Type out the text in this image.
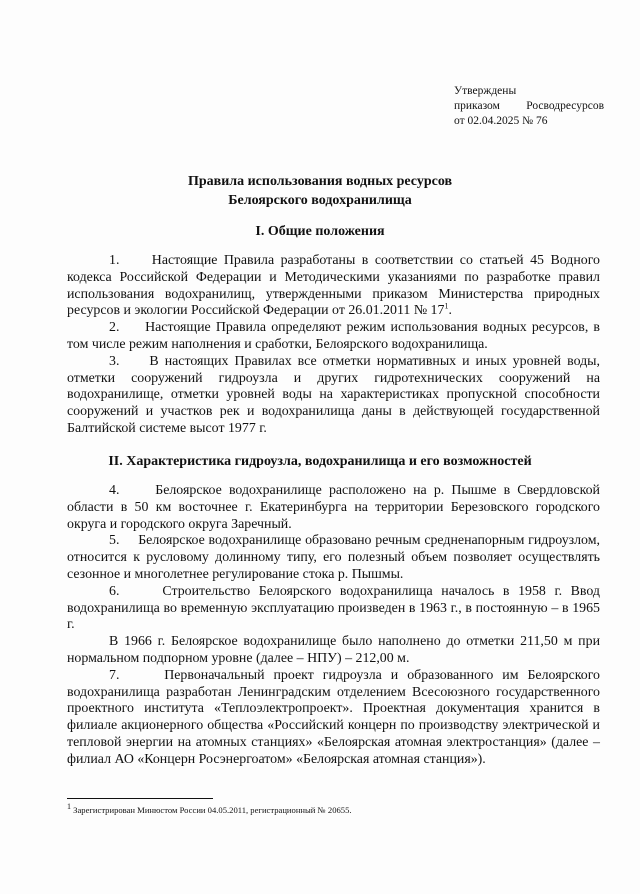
Утверждены
приказом Росводресурсов
от 02.04.2025 № 76
Правила использования водных ресурсов
Белоярского водохранилища
I. Общие положения

1.     Настоящие Правила разработаны в соответствии со статьей 45 Водного кодекса Российской Федерации и Методическими указаниями по разработке правил использования водохранилищ, утвержденными приказом Министерства природных ресурсов и экологии Российской Федерации от 26.01.2011 № $17^1$.

2.     Настоящие Правила определяют режим использования водных ресурсов, в том числе режим наполнения и сработки, Белоярского водохранилища.

3.     В настоящих Правилах все отметки нормативных и иных уровней воды, отметки сооружений гидроузла и других гидротехнических сооружений на водохранилище, отметки уровней воды на характеристиках пропускной способности сооружений и участков рек и водохранилища даны в действующей государственной Балтийской системе высот 1977 г.

II. Характеристика гидроузла, водохранилища и его возможностей

4.     Белоярское водохранилище расположено на р. Пышме в Свердловской области в 50 км восточнее г. Екатеринбурга на территории Березовского городского округа и городского округа Заречный.

5.     Белоярское водохранилище образовано речным средненапорным гидроузлом, относится к русловому долинному типу, его полезный объем позволяет осуществлять сезонное и многолетнее регулирование стока р. Пышмы.

6.     Строительство Белоярского водохранилища началось в 1958 г. Ввод водохранилища во временную эксплуатацию произведен в 1963 г., в постоянную – в 1965 г.

В 1966 г. Белоярское водохранилище было наполнено до отметки 211,50 м при нормальном подпорном уровне (далее – НПУ) – 212,00 м.

7.     Первоначальный проект гидроузла и образованного им Белоярского водохранилища разработан Ленинградским отделением Всесоюзного государственного проектного института «Теплоэлектропроект». Проектная документация хранится в филиале акционерного общества «Российский концерн по производству электрической и тепловой энергии на атомных станциях» «Белоярская атомная электростанция» (далее – филиал АО «Концерн Росэнергоатом» «Белоярская атомная станция»).

$^1$ Зарегистрирован Минюстом России 04.05.2011, регистрационный № 20655.
